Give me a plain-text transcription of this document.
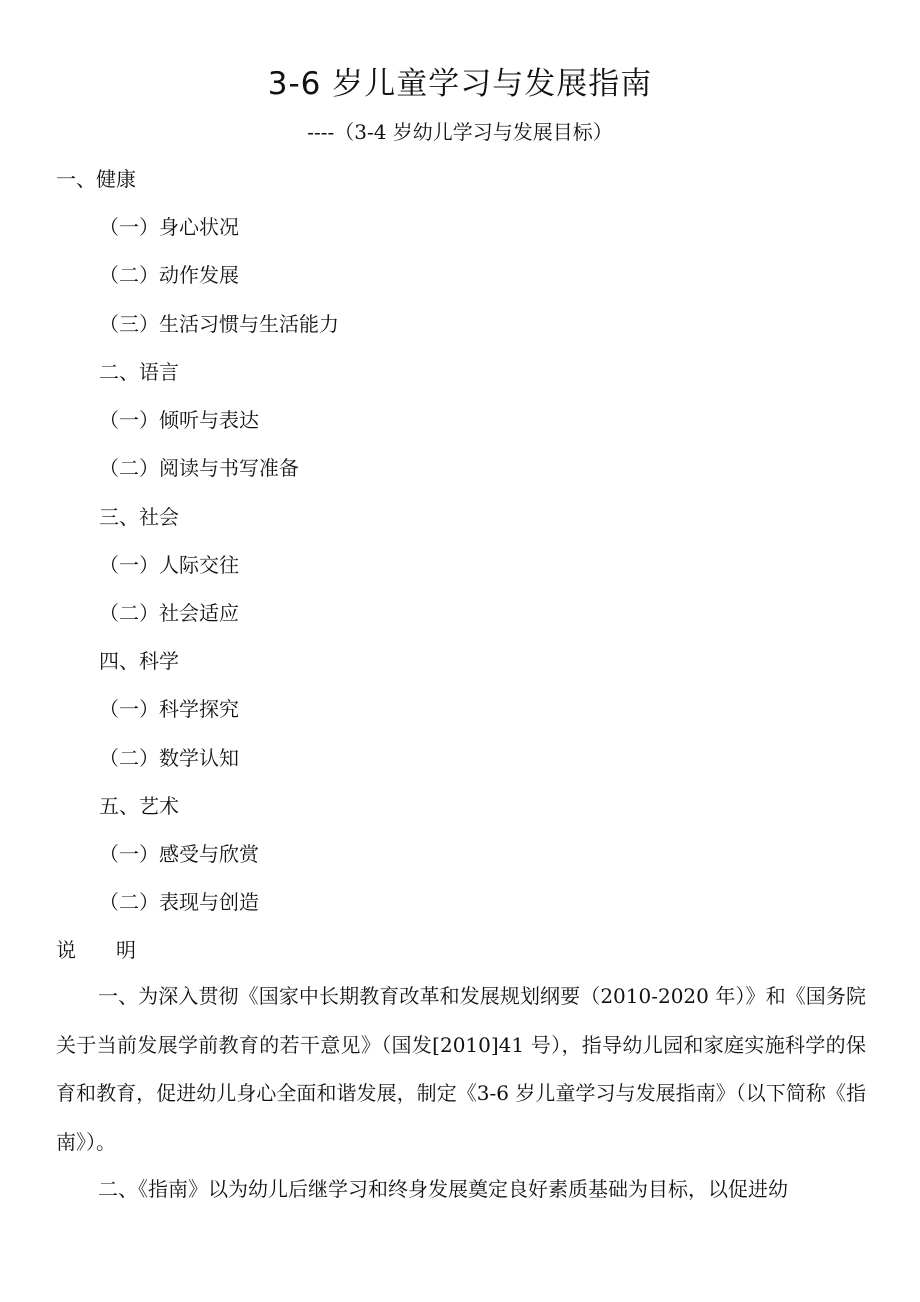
3-6 岁儿童学习与发展指南
----（3-4 岁幼儿学习与发展目标）
一、健康
（一）身心状况
（二）动作发展
（三）生活习惯与生活能力
二、语言
（一）倾听与表达
（二）阅读与书写准备
三、社会
（一）人际交往
（二）社会适应
四、科学
（一）科学探究
（二）数学认知
五、艺术
（一）感受与欣赏
（二）表现与创造
说　　明
一、为深入贯彻《国家中长期教育改革和发展规划纲要（2010-2020 年）》和《国务院关于当前发展学前教育的若干意见》（国发[2010]41 号），指导幼儿园和家庭实施科学的保育和教育，促进幼儿身心全面和谐发展，制定《3-6 岁儿童学习与发展指南》（以下简称《指南》）。
二、《指南》以为幼儿后继学习和终身发展奠定良好素质基础为目标，以促进幼
